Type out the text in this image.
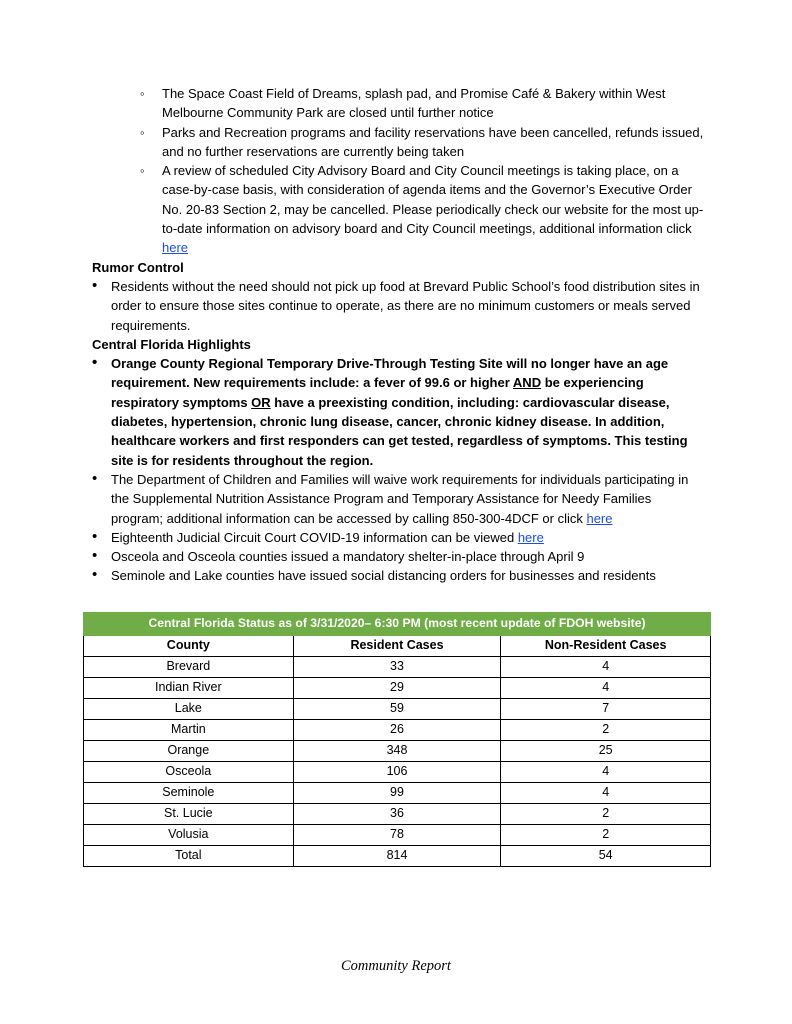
◦ The Space Coast Field of Dreams, splash pad, and Promise Café & Bakery within West Melbourne Community Park are closed until further notice
◦ Parks and Recreation programs and facility reservations have been cancelled, refunds issued, and no further reservations are currently being taken
◦ A review of scheduled City Advisory Board and City Council meetings is taking place, on a case-by-case basis, with consideration of agenda items and the Governor’s Executive Order No. 20-83 Section 2, may be cancelled. Please periodically check our website for the most up-to-date information on advisory board and City Council meetings, additional information click here
Rumor Control
• Residents without the need should not pick up food at Brevard Public School’s food distribution sites in order to ensure those sites continue to operate, as there are no minimum customers or meals served requirements.
Central Florida Highlights
• Orange County Regional Temporary Drive-Through Testing Site will no longer have an age requirement. New requirements include: a fever of 99.6 or higher AND be experiencing respiratory symptoms OR have a preexisting condition, including: cardiovascular disease, diabetes, hypertension, chronic lung disease, cancer, chronic kidney disease. In addition, healthcare workers and first responders can get tested, regardless of symptoms. This testing site is for residents throughout the region.
• The Department of Children and Families will waive work requirements for individuals participating in the Supplemental Nutrition Assistance Program and Temporary Assistance for Needy Families program; additional information can be accessed by calling 850-300-4DCF or click here
• Eighteenth Judicial Circuit Court COVID-19 information can be viewed here
• Osceola and Osceola counties issued a mandatory shelter-in-place through April 9
• Seminole and Lake counties have issued social distancing orders for businesses and residents
Central Florida Status as of 3/31/2020– 6:30 PM (most recent update of FDOH website)		
County	Resident Cases	Non-Resident Cases
Brevard	33	4
Indian River	29	4
Lake	59	7
Martin	26	2
Orange	348	25
Osceola	106	4
Seminole	99	4
St. Lucie	36	2
Volusia	78	2
Total	814	54
Community Report
